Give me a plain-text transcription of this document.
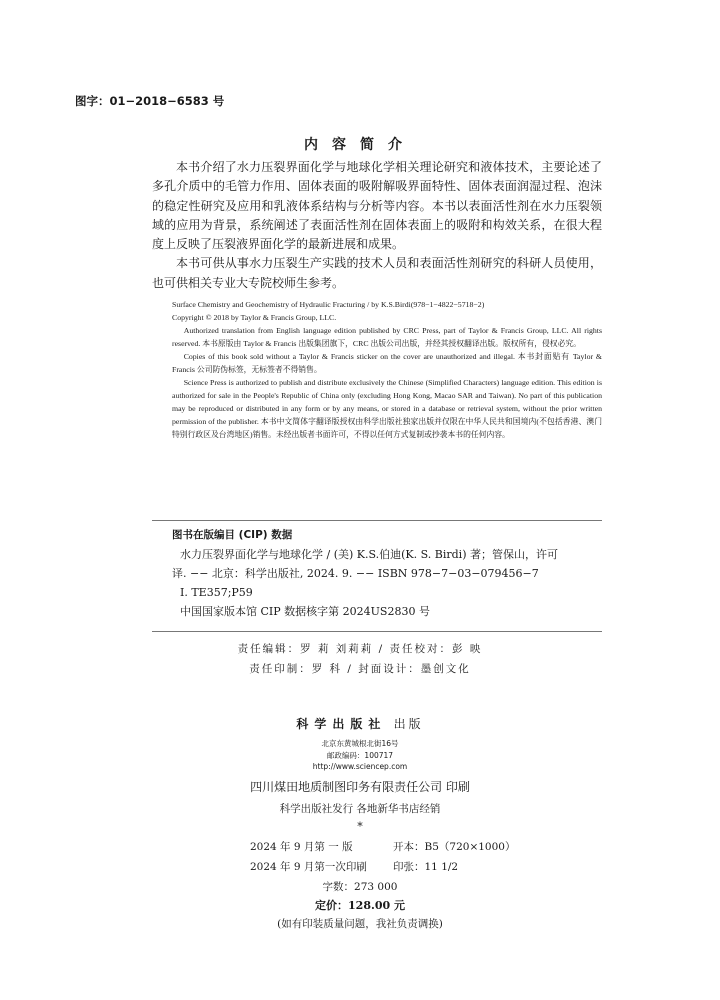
图字：01−2018−6583 号
内容简介

本书介绍了水力压裂界面化学与地球化学相关理论研究和液体技术，主要论述了多孔介质中的毛管力作用、固体表面的吸附解吸界面特性、固体表面润湿过程、泡沫的稳定性研究及应用和乳液体系结构与分析等内容。本书以表面活性剂在水力压裂领域的应用为背景，系统阐述了表面活性剂在固体表面上的吸附和构效关系，在很大程度上反映了压裂液界面化学的最新进展和成果。

本书可供从事水力压裂生产实践的技术人员和表面活性剂研究的科研人员使用，也可供相关专业大专院校师生参考。

Surface Chemistry and Geochemistry of Hydraulic Fracturing / by K.S.Birdi(978−1−4822−5718−2)

Copyright © 2018 by Taylor & Francis Group, LLC.

Authorized translation from English language edition published by CRC Press, part of Taylor & Francis Group, LLC. All rights reserved. 本书原版由 Taylor & Francis 出版集团旗下，CRC 出版公司出版，并经其授权翻译出版。版权所有，侵权必究。

Copies of this book sold without a Taylor & Francis sticker on the cover are unauthorized and illegal. 本书封面贴有 Taylor & Francis 公司防伪标签，无标签者不得销售。

Science Press is authorized to publish and distribute exclusively the Chinese (Simplified Characters) language edition. This edition is authorized for sale in the People's Republic of China only (excluding Hong Kong, Macao SAR and Taiwan). No part of this publication may be reproduced or distributed in any form or by any means, or stored in a database or retrieval system, without the prior written permission of the publisher. 本书中文简体字翻译版授权由科学出版社独家出版并仅限在中华人民共和国境内(不包括香港、澳门特别行政区及台湾地区)销售。未经出版者书面许可，不得以任何方式复制或抄袭本书的任何内容。

图书在版编目 (CIP) 数据
水力压裂界面化学与地球化学 / (美) K.S.伯迪(K. S. Birdi) 著；管保山，许可
译. −− 北京：科学出版社, 2024. 9. −− ISBN 978−7−03−079456−7
Ⅰ. TE357;P59
中国国家版本馆 CIP 数据核字第 2024US2830 号
责任编辑：罗 莉 刘莉莉 / 责任校对：彭 映
责任印制：罗 科 / 封面设计：墨创文化
科学出版社 出版
北京东黄城根北街16号
邮政编码：100717
http://www.sciencep.com
四川煤田地质制图印务有限责任公司 印刷
科学出版社发行 各地新华书店经销
*
2024 年 9 月第 一 版	开本：B5（720×1000）
2024 年 9 月第一次印刷 印张：11 1/2
字数：273 000
定价：128.00 元
(如有印装质量问题，我社负责调换)
